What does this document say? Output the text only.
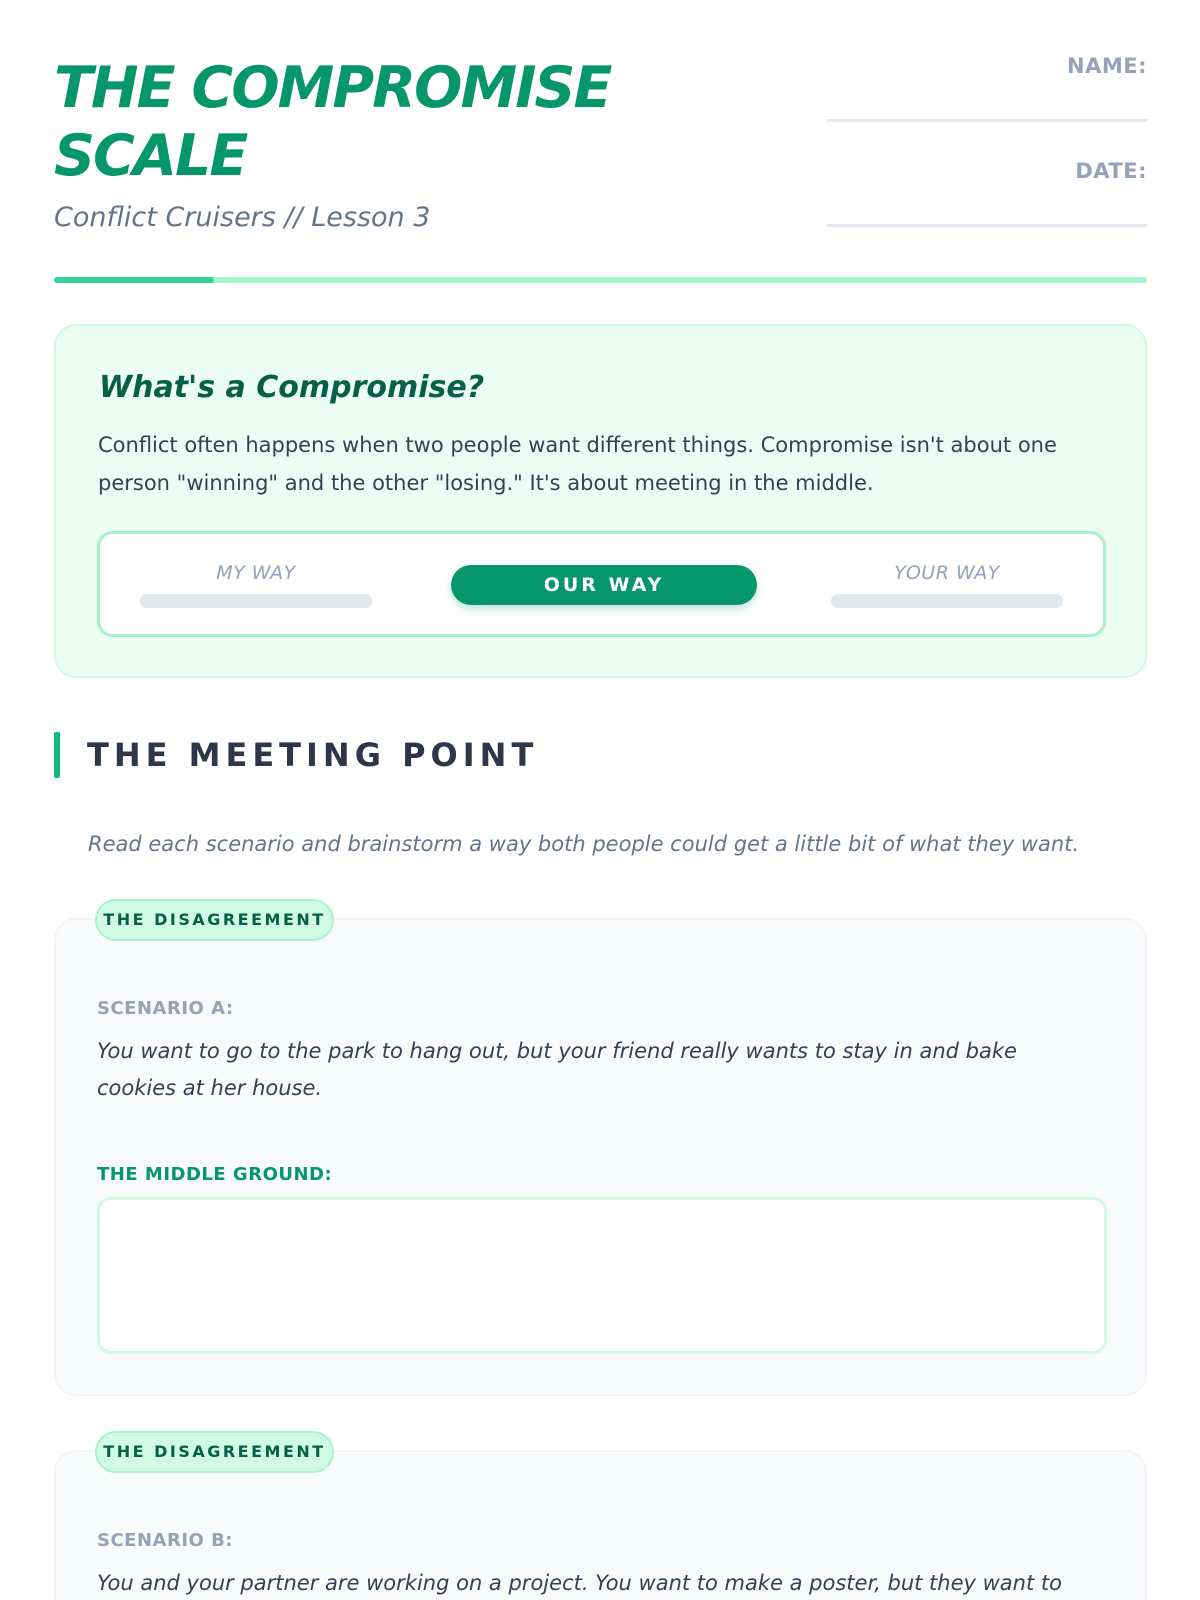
THE COMPROMISE SCALE
Conflict Cruisers // Lesson 3
NAME:
DATE:
What's a Compromise?

Conflict often happens when two people want different things. Compromise isn't about one person "winning" and the other "losing." It's about meeting in the middle.

MY WAY
OUR WAY
YOUR WAY
THE MEETING POINT
Read each scenario and brainstorm a way both people could get a little bit of what they want.
SCENARIO A:
You want to go to the park to hang out, but your friend really wants to stay in and bake cookies at her house.
THE MIDDLE GROUND:
THE DISAGREEMENT
SCENARIO B:
You and your partner are working on a project. You want to make a poster, but they want to
THE DISAGREEMENT
